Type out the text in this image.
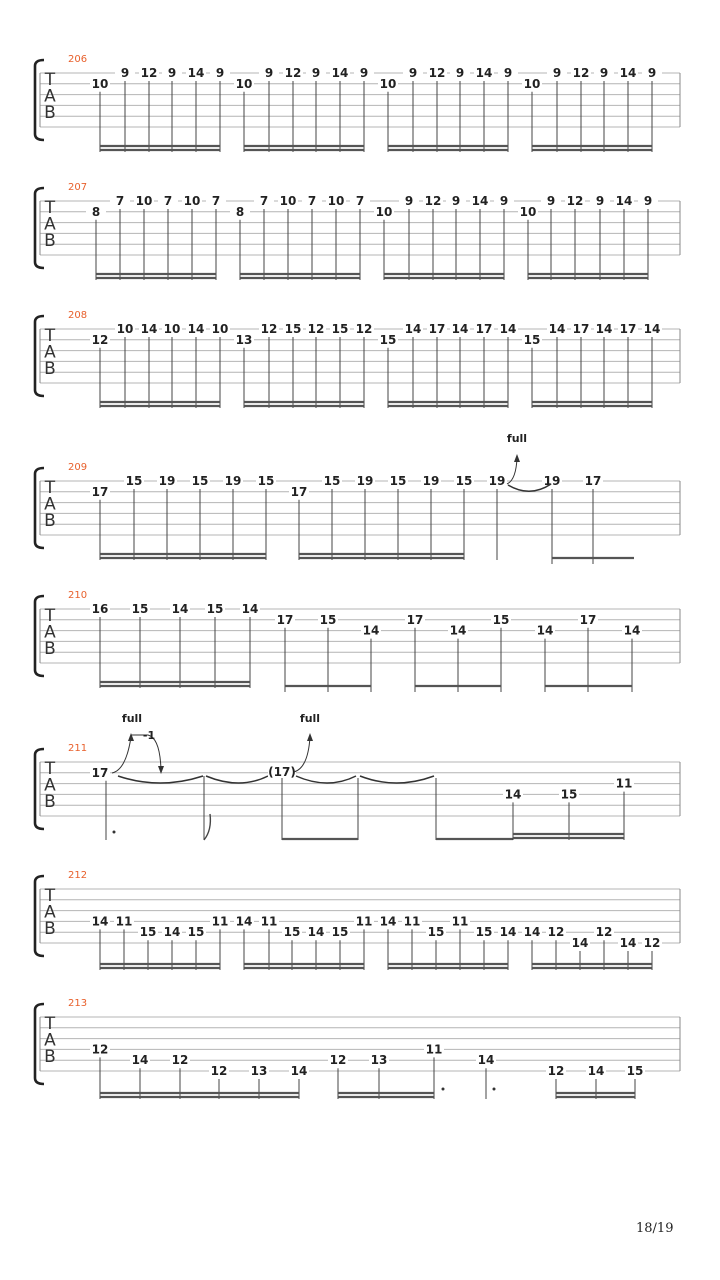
T
A
B
206
10
9 12 9 14 9
10
9 12 9 14 9
10
9 12 9 14 9
10
9 12 9 14 9
T
A
B
207
8
7 10 7 10 7
8
7 10 7 10 7
10
9 12 9 14 9
10
9 12 9 14 9
T
A
B
208
12
10 14 10 14 10
13
12 15 12 15 12
15
14 17 14 17 14
15
14 17 14 17 14
T
A
B
209
17
15 19 15 19 15
17
15 19 15 19 15 19	19 17
full
T
A
B
210
16 15 14 15 14
17 15
14
17
14
15
14
17
14
T
A
B
211
17
full
-1
(17)
full
14	15
11
T
A
B
212
14 11
15 14 15
11 14 11
15 14 15
11 14 11
15
11
15 14 14 12
14
12
14 12
T
A
B
213
12
14 12
12 13 14
12 13
11
14
12 14 15
18/19
